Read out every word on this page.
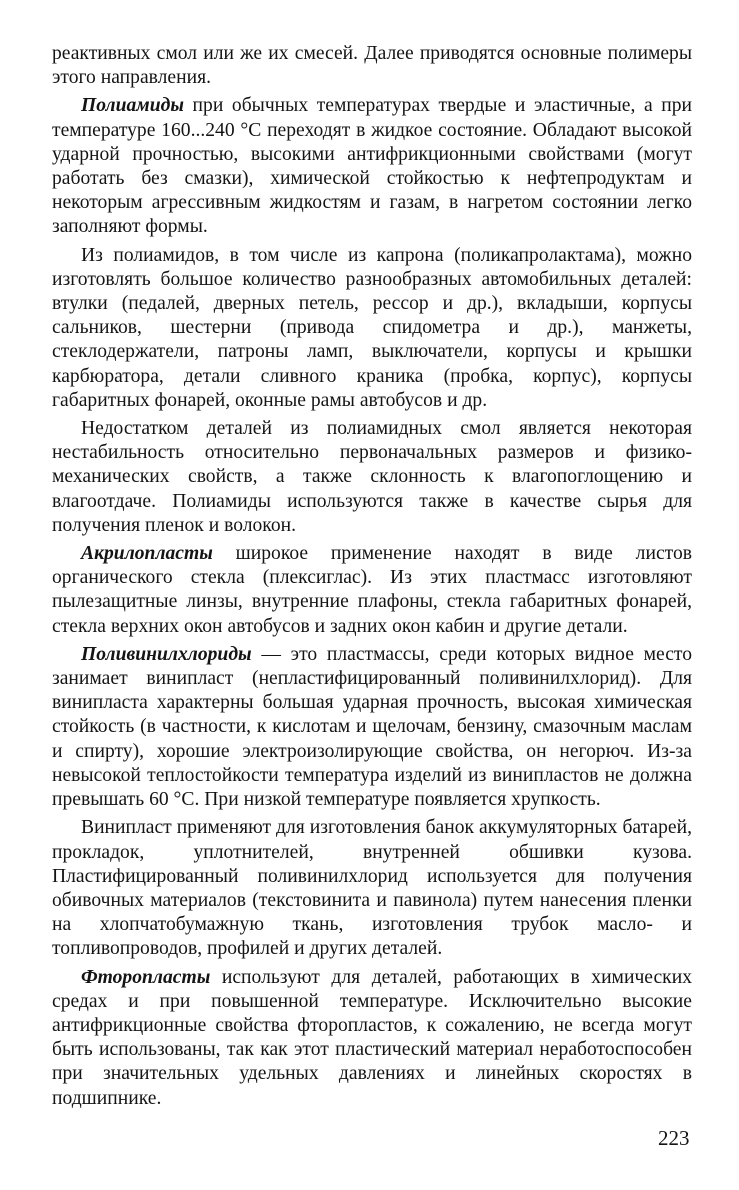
реактивных смол или же их смесей. Далее приводятся основные полимеры этого направления.

Полиамиды при обычных температурах твердые и эластичные, а при температуре 160...240 °С переходят в жидкое состояние. Обладают высокой ударной прочностью, высокими антифрикционными свойствами (могут работать без смазки), химической стойкостью к нефтепродуктам и некоторым агрессивным жидкостям и газам, в нагретом состоянии легко заполняют формы.

Из полиамидов, в том числе из капрона (поликапролактама), можно изготовлять большое количество разнообразных автомобильных деталей: втулки (педалей, дверных петель, рессор и др.), вкладыши, корпусы сальников, шестерни (привода спидометра и др.), манжеты, стеклодержатели, патроны ламп, выключатели, корпусы и крышки карбюратора, детали сливного краника (пробка, корпус), корпусы габаритных фонарей, оконные рамы автобусов и др.

Недостатком деталей из полиамидных смол является некоторая нестабильность относительно первоначальных размеров и физико-механических свойств, а также склонность к влагопоглощению и влагоотдаче. Полиамиды используются также в качестве сырья для получения пленок и волокон.

Акрилопласты широкое применение находят в виде листов органического стекла (плексиглас). Из этих пластмасс изготовляют пылезащитные линзы, внутренние плафоны, стекла габаритных фонарей, стекла верхних окон автобусов и задних окон кабин и другие детали.

Поливинилхлориды — это пластмассы, среди которых видное место занимает винипласт (непластифицированный поливинилхлорид). Для винипласта характерны большая ударная прочность, высокая химическая стойкость (в частности, к кислотам и щелочам, бензину, смазочным маслам и спирту), хорошие электроизолирующие свойства, он негорюч. Из-за невысокой теплостойкости температура изделий из винипластов не должна превышать 60 °С. При низкой температуре появляется хрупкость.

Винипласт применяют для изготовления банок аккумуляторных батарей, прокладок, уплотнителей, внутренней обшивки кузова. Пластифицированный поливинилхлорид используется для получения обивочных материалов (текстовинита и павинола) путем нанесения пленки на хлопчатобумажную ткань, изготовления трубок масло- и топливопроводов, профилей и других деталей.

Фторопласты используют для деталей, работающих в химических средах и при повышенной температуре. Исключительно высокие антифрикционные свойства фторопластов, к сожалению, не всегда могут быть использованы, так как этот пластический материал неработоспособен при значительных удельных давлениях и линейных скоростях в подшипнике.

223
